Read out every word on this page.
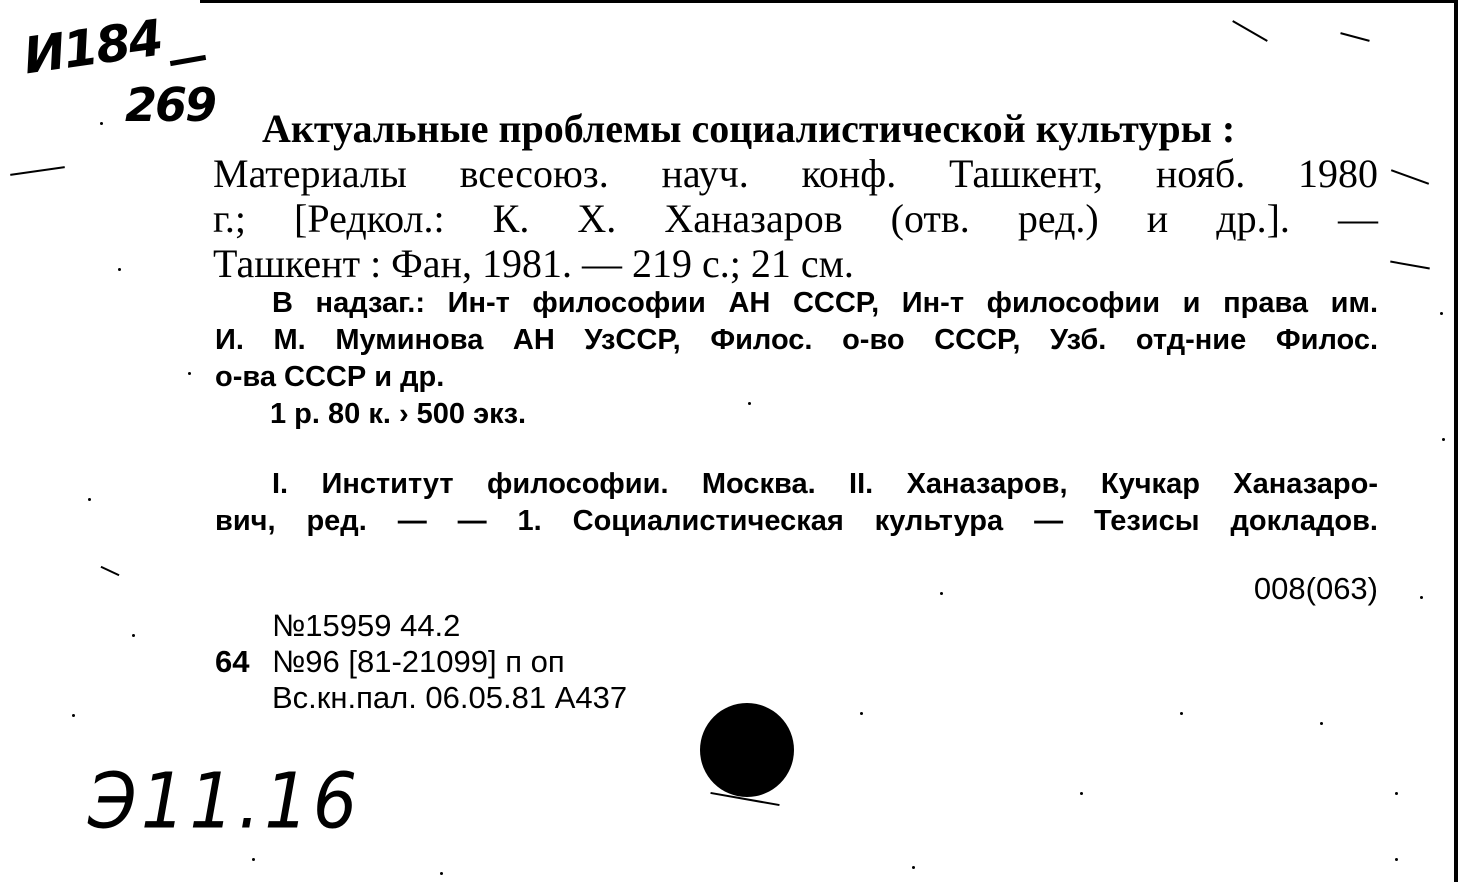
И184
269 Актуальные проблемы социалистической культуры :
Материалы всесоюз. науч. конф. Ташкент, нояб. 1980
г.; [Редкол.: К. Х. Ханазаров (отв. ред.) и др.]. —
Ташкент : Фан, 1981. — 219 с.; 21 см.
В надзаг.: Ин-т философии АН СССР, Ин-т философии и права им.
И. М. Муминова АН УзССР, Филос. о-во СССР, Узб. отд-ние Филос.
о-ва СССР и др.
1 р. 80 к. › 500 экз.
I. Институт философии. Москва. II. Ханазаров, Кучкар Ханазаро-
вич, ред. — — 1. Социалистическая культура — Тезисы докладов.
008(063)
№15959 44.2
64 №96 [81-21099] п оп
Вс.кн.пал. 06.05.81 А437
Э11.16
